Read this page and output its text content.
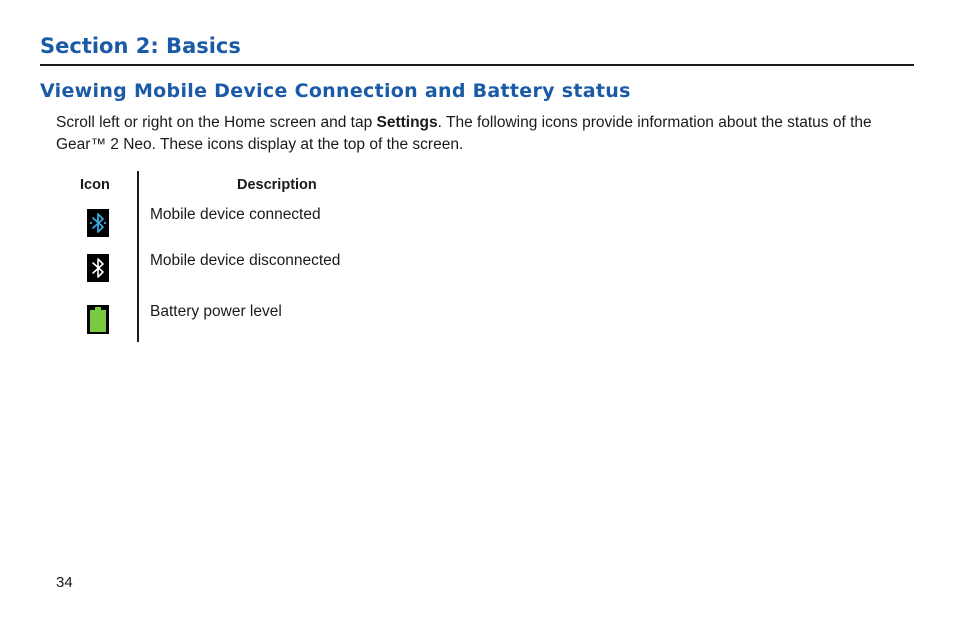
Section 2: Basics
Viewing Mobile Device Connection and Battery status

Scroll left or right on the Home screen and tap Settings. The following icons provide information about the status of the Gear™ 2 Neo. These icons display at the top of the screen.

Icon	Description
Mobile device connected
Mobile device disconnected
Battery power level
34
